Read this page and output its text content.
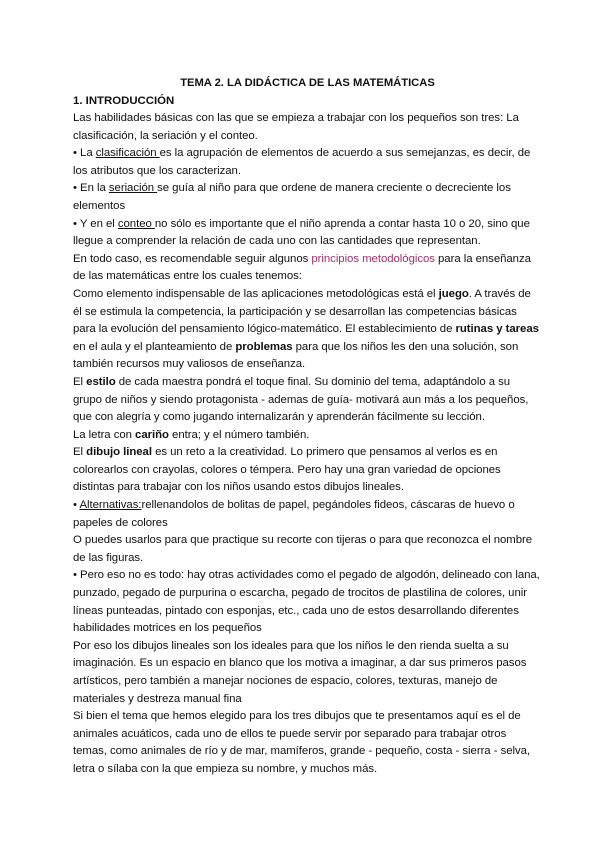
TEMA 2. LA DIDÁCTICA DE LAS MATEMÁTICAS
1. INTRODUCCIÓN

Las habilidades básicas con las que se empieza a trabajar con los pequeños son tres: La clasificación, la seriación y el conteo.

• La clasificación es la agrupación de elementos de acuerdo a sus semejanzas, es decir, de los atributos que los caracterizan.

• En la seriación se guía al niño para que ordene de manera creciente o decreciente los elementos

• Y en el conteo no sólo es importante que el niño aprenda a contar hasta 10 o 20, sino que llegue a comprender la relación de cada uno con las cantidades que representan.

En todo caso, es recomendable seguir algunos principios metodológicos para la enseñanza de las matemáticas entre los cuales tenemos:

Como elemento indispensable de las aplicaciones metodológicas está el juego. A través de él se estimula la competencia, la participación y se desarrollan las competencias básicas para la evolución del pensamiento lógico-matemático. El establecimiento de rutinas y tareas en el aula y el planteamiento de problemas para que los niños les den una solución, son también recursos muy valiosos de enseñanza.

El estilo de cada maestra pondrá el toque final. Su dominio del tema, adaptándolo a su grupo de niños y siendo protagonista - ademas de guía- motivará aun más a los pequeños, que con alegría y como jugando internalizarán y aprenderán fácilmente su lección.

La letra con cariño entra; y el número también.

El dibujo lineal es un reto a la creatividad. Lo primero que pensamos al verlos es en colorearlos con crayolas, colores o témpera. Pero hay una gran variedad de opciones distintas para trabajar con los niños usando estos dibujos lineales.

• Alternativas:rellenandolos de bolitas de papel, pegándoles fideos, cáscaras de huevo o papeles de colores

O puedes usarlos para que practique su recorte con tijeras o para que reconozca el nombre de las figuras.

• Pero eso no es todo: hay otras actividades como el pegado de algodón, delineado con lana, punzado, pegado de purpurina o escarcha, pegado de trocitos de plastilina de colores, unir líneas punteadas, pintado con esponjas, etc., cada uno de estos desarrollando diferentes habilidades motrices en los pequeños

Por eso los dibujos lineales son los ideales para que los niños le den rienda suelta a su imaginación. Es un espacio en blanco que los motiva a imaginar, a dar sus primeros pasos artísticos, pero también a manejar nociones de espacio, colores, texturas, manejo de materiales y destreza manual fina

Si bien el tema que hemos elegido para los tres dibujos que te presentamos aquí es el de animales acuáticos, cada uno de ellos te puede servir por separado para trabajar otros temas, como animales de río y de mar, mamíferos, grande - pequeño, costa - sierra - selva, letra o sílaba con la que empieza su nombre, y muchos más.
